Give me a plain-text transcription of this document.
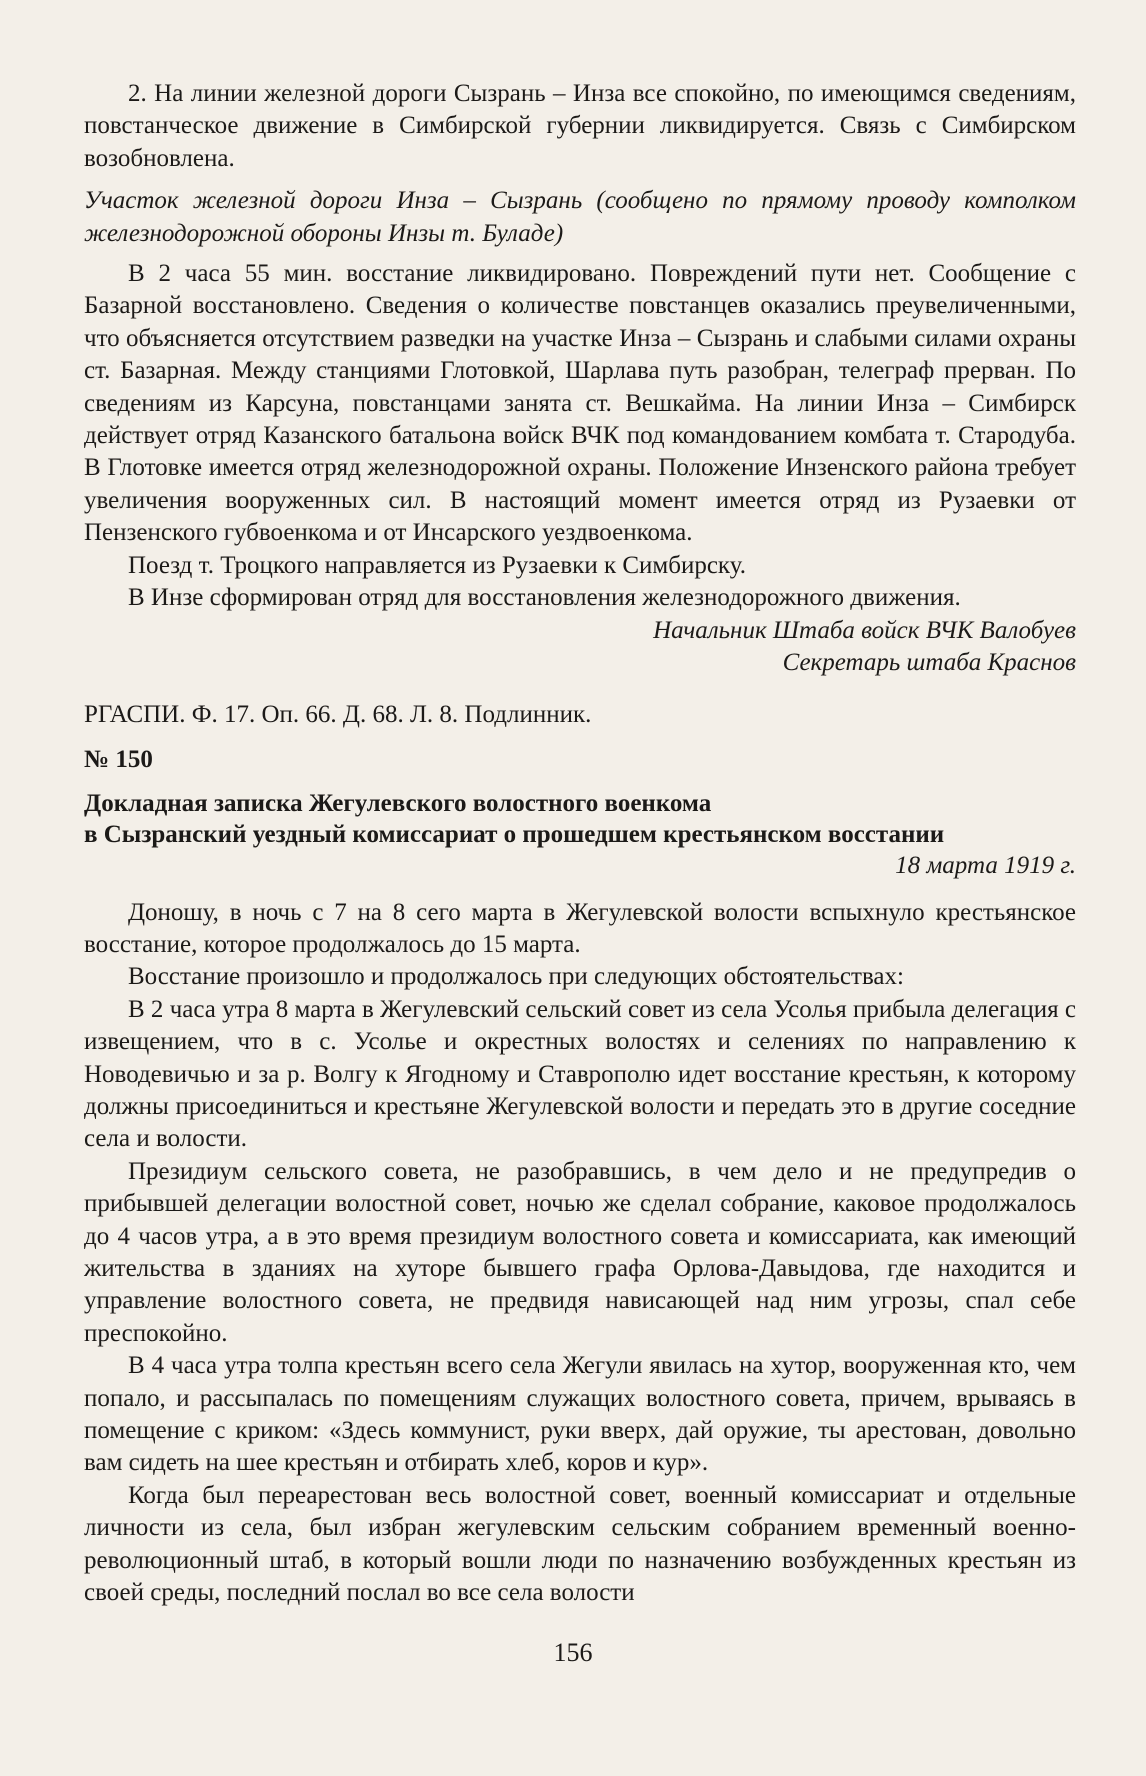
2. На линии железной дороги Сызрань – Инза все спокойно, по имеющимся сведениям, повстанческое движение в Симбирской губернии ликвидируется. Связь с Симбирском возобновлена.

Участок железной дороги Инза – Сызрань (сообщено по прямому проводу комполком железнодорожной обороны Инзы т. Буладе)

В 2 часа 55 мин. восстание ликвидировано. Повреждений пути нет. Сообщение с Базарной восстановлено. Сведения о количестве повстанцев оказались преувеличенными, что объясняется отсутствием разведки на участке Инза – Сызрань и слабыми силами охраны ст. Базарная. Между станциями Глотовкой, Шарлава путь разобран, телеграф прерван. По сведениям из Карсуна, повстанцами занята ст. Вешкайма. На линии Инза – Симбирск действует отряд Казанского батальона войск ВЧК под командованием комбата т. Стародуба. В Глотовке имеется отряд железнодорожной охраны. Положение Инзенского района требует увеличения вооруженных сил. В настоящий момент имеется отряд из Рузаевки от Пензенского губвоенкома и от Инсарского уездвоенкома.

Поезд т. Троцкого направляется из Рузаевки к Симбирску.

В Инзе сформирован отряд для восстановления железнодорожного движения.

Начальник Штаба войск ВЧК Валобуев

Секретарь штаба Краснов

РГАСПИ. Ф. 17. Оп. 66. Д. 68. Л. 8. Подлинник.

№ 150

Докладная записка Жегулевского волостного военкома
в Сызранский уездный комиссариат о прошедшем крестьянском восстании

18 марта 1919 г.

Доношу, в ночь с 7 на 8 сего марта в Жегулевской волости вспыхнуло крестьянское восстание, которое продолжалось до 15 марта.

Восстание произошло и продолжалось при следующих обстоятельствах:

В 2 часа утра 8 марта в Жегулевский сельский совет из села Усолья прибыла делегация с извещением, что в с. Усолье и окрестных волостях и селениях по направлению к Новодевичью и за р. Волгу к Ягодному и Ставрополю идет восстание крестьян, к которому должны присоединиться и крестьяне Жегулевской волости и передать это в другие соседние села и волости.

Президиум сельского совета, не разобравшись, в чем дело и не предупредив о прибывшей делегации волостной совет, ночью же сделал собрание, каковое продолжалось до 4 часов утра, а в это время президиум волостного совета и комиссариата, как имеющий жительства в зданиях на хуторе бывшего графа Орлова-Давыдова, где находится и управление волостного совета, не предвидя нависающей над ним угрозы, спал себе преспокойно.

В 4 часа утра толпа крестьян всего села Жегули явилась на хутор, вооруженная кто, чем попало, и рассыпалась по помещениям служащих волостного совета, причем, врываясь в помещение с криком: «Здесь коммунист, руки вверх, дай оружие, ты арестован, довольно вам сидеть на шее крестьян и отбирать хлеб, коров и кур».

Когда был переарестован весь волостной совет, военный комиссариат и отдельные личности из села, был избран жегулевским сельским собранием временный военно-революционный штаб, в который вошли люди по назначению возбужденных крестьян из своей среды, последний послал во все села волости

156
